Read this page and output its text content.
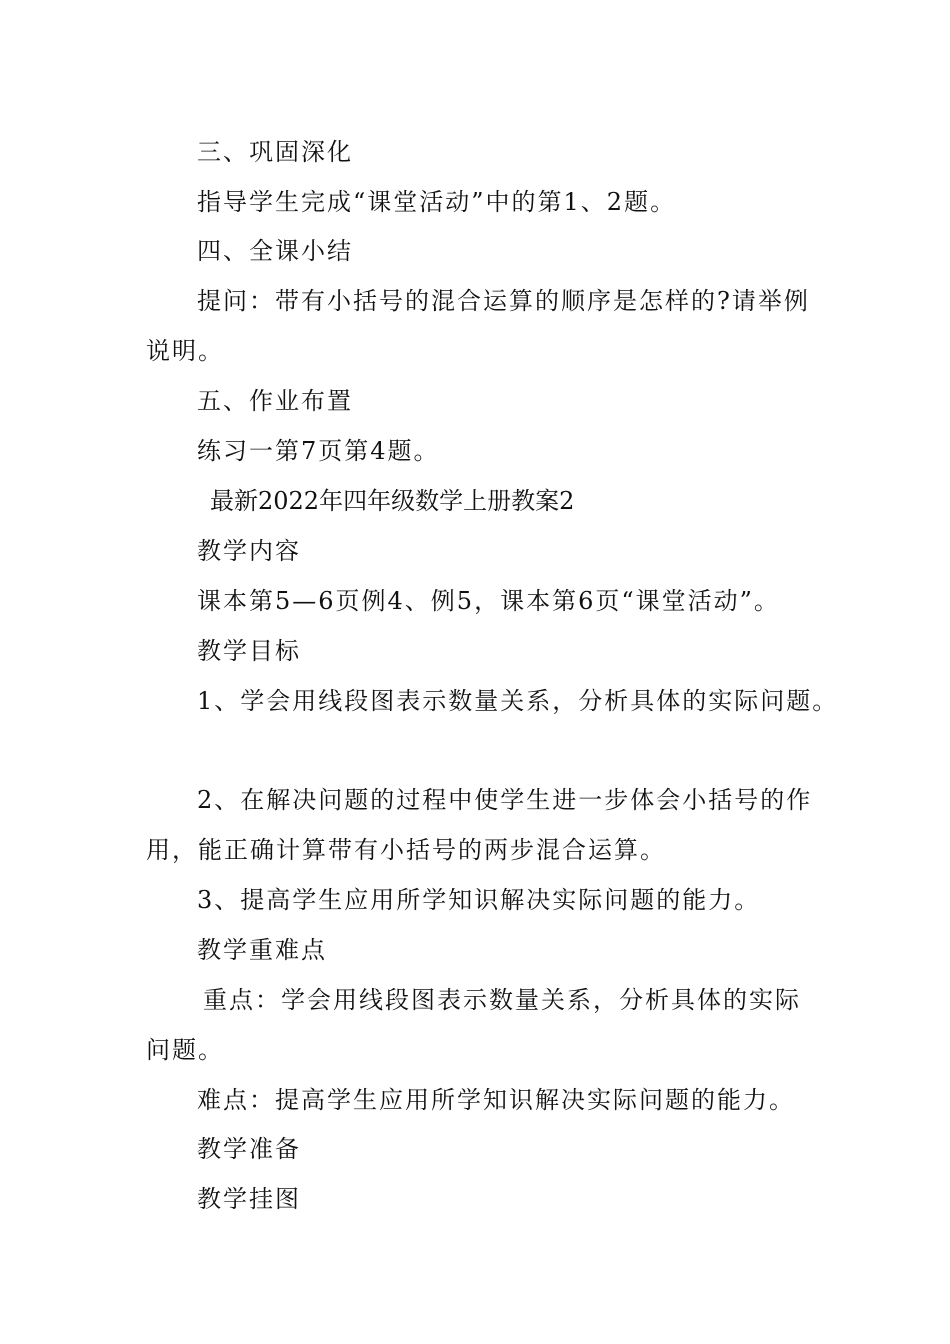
三、巩固深化
指导学生完成“课堂活动”中的第1、2题。
四、全课小结
提问：带有小括号的混合运算的顺序是怎样的?请举例
说明。
五、作业布置
练习一第7页第4题。
最新2022年四年级数学上册教案2
教学内容
课本第5—6页例4、例5，课本第6页“课堂活动”。
教学目标
1、学会用线段图表示数量关系，分析具体的实际问题。
2、在解决问题的过程中使学生进一步体会小括号的作
用，能正确计算带有小括号的两步混合运算。
3、提高学生应用所学知识解决实际问题的能力。
教学重难点
重点：学会用线段图表示数量关系，分析具体的实际
问题。
难点：提高学生应用所学知识解决实际问题的能力。
教学准备
教学挂图
